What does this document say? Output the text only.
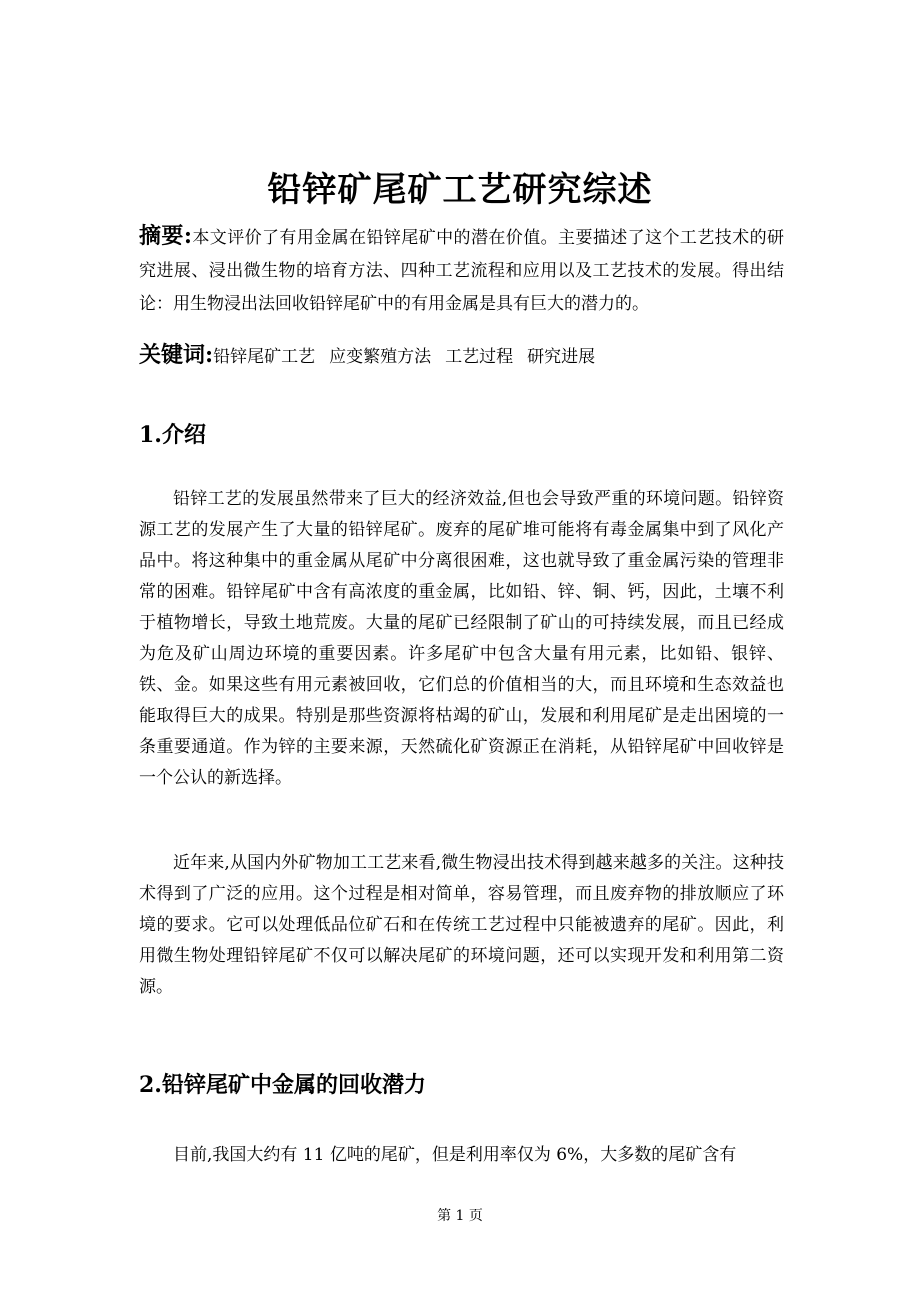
铅锌矿尾矿工艺研究综述
摘要:本文评价了有用金属在铅锌尾矿中的潜在价值。主要描述了这个工艺技术的研究进展、浸出微生物的培育方法、四种工艺流程和应用以及工艺技术的发展。得出结论：用生物浸出法回收铅锌尾矿中的有用金属是具有巨大的潜力的。
关键词:铅锌尾矿工艺 应变繁殖方法 工艺过程 研究进展
1.介绍
铅锌工艺的发展虽然带来了巨大的经济效益,但也会导致严重的环境问题。铅锌资源工艺的发展产生了大量的铅锌尾矿。废弃的尾矿堆可能将有毒金属集中到了风化产品中。将这种集中的重金属从尾矿中分离很困难，这也就导致了重金属污染的管理非常的困难。铅锌尾矿中含有高浓度的重金属，比如铅、锌、铜、钙，因此，土壤不利于植物增长，导致土地荒废。大量的尾矿已经限制了矿山的可持续发展，而且已经成为危及矿山周边环境的重要因素。许多尾矿中包含大量有用元素，比如铅、银锌、铁、金。如果这些有用元素被回收，它们总的价值相当的大，而且环境和生态效益也能取得巨大的成果。特别是那些资源将枯竭的矿山，发展和利用尾矿是走出困境的一条重要通道。作为锌的主要来源，天然硫化矿资源正在消耗，从铅锌尾矿中回收锌是一个公认的新选择。
近年来,从国内外矿物加工工艺来看,微生物浸出技术得到越来越多的关注。这种技术得到了广泛的应用。这个过程是相对简单，容易管理，而且废弃物的排放顺应了环境的要求。它可以处理低品位矿石和在传统工艺过程中只能被遗弃的尾矿。因此，利用微生物处理铅锌尾矿不仅可以解决尾矿的环境问题，还可以实现开发和利用第二资源。
2.铅锌尾矿中金属的回收潜力
目前,我国大约有 11 亿吨的尾矿，但是利用率仅为 6%，大多数的尾矿含有
第 1 页
